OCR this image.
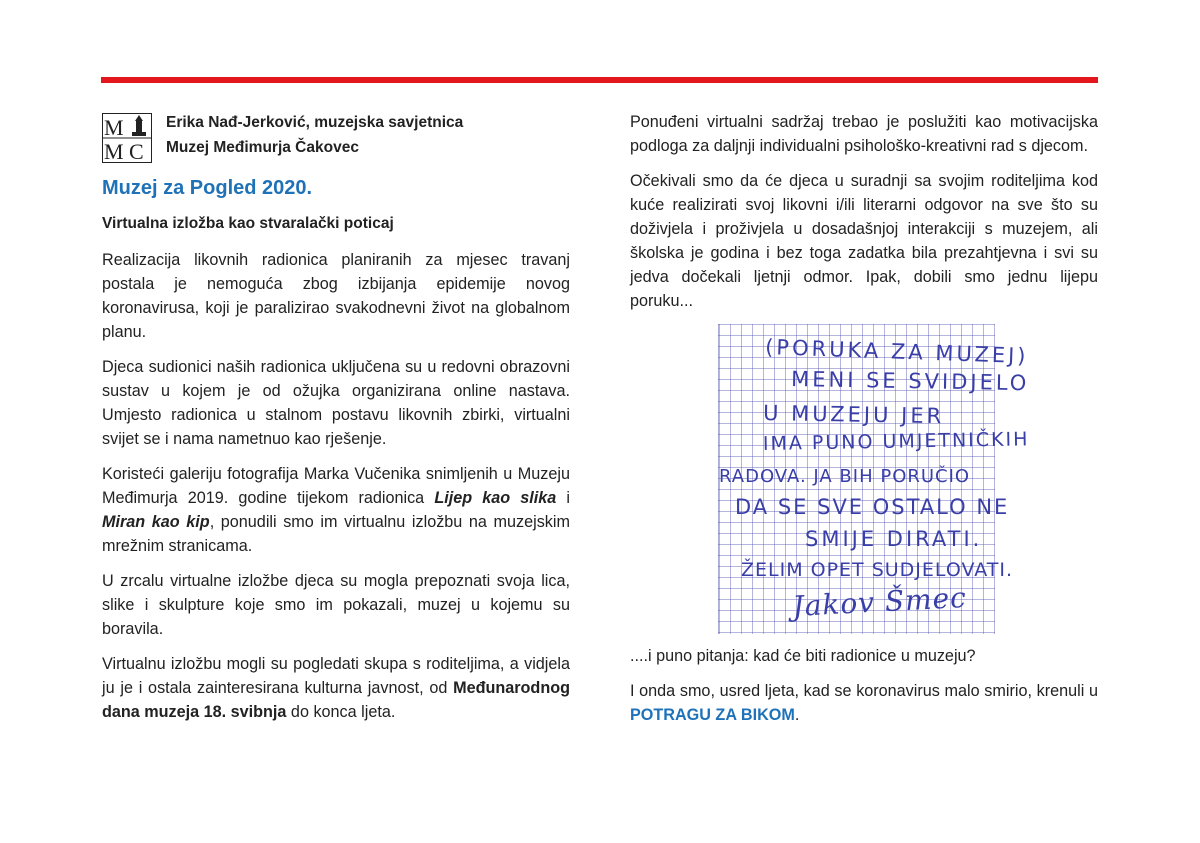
M
M C
Erika Nađ-Jerković, muzejska savjetnica
Muzej Međimurja Čakovec
Muzej za Pogled 2020.
Virtualna izložba kao stvaralački poticaj

Realizacija likovnih radionica planiranih za mjesec travanj postala je nemoguća zbog izbijanja epidemije novog koronavirusa, koji je paralizirao svakodnevni život na globalnom planu.

Djeca sudionici naših radionica uključena su u redovni obrazovni sustav u kojem je od ožujka organizirana online nastava. Umjesto radionica u stalnom postavu likovnih zbirki, virtualni svijet se i nama nametnuo kao rješenje.

Koristeći galeriju fotografija Marka Vučenika snimljenih u Muzeju Međimurja 2019. godine tijekom radionica Lijep kao slika i Miran kao kip, ponudili smo im virtualnu izložbu na muzejskim mrežnim stranicama.

U zrcalu virtualne izložbe djeca su mogla prepoznati svoja lica, slike i skulpture koje smo im pokazali, muzej u kojemu su boravila.

Virtualnu izložbu mogli su pogledati skupa s roditeljima, a vidjela ju je i ostala zainteresirana kulturna javnost, od Međunarodnog dana muzeja 18. svibnja do konca ljeta.

Ponuđeni virtualni sadržaj trebao je poslužiti kao motivacijska podloga za daljnji individualni psihološko-kreativni rad s djecom.

Očekivali smo da će djeca u suradnji sa svojim roditeljima kod kuće realizirati svoj likovni i/ili literarni odgovor na sve što su doživjela i proživjela u dosadašnjoj interakciji s muzejem, ali školska je godina i bez toga zadatka bila prezahtjevna i svi su jedva dočekali ljetnji odmor. Ipak, dobili smo jednu lijepu poruku...

(PORUKA ZA MUZEJ)
MENI SE SVIDJELO
U MUZEJU JER
IMA PUNO UMJETNIČKIH
RADOVA. JA BIH PORUČIO
DA SE SVE OSTALO NE
SMIJE DIRATI.
ŽELIM OPET SUDJELOVATI.
Jakov Šmec

....i puno pitanja: kad će biti radionice u muzeju?

I onda smo, usred ljeta, kad se koronavirus malo smirio, krenuli u POTRAGU ZA BIKOM.
